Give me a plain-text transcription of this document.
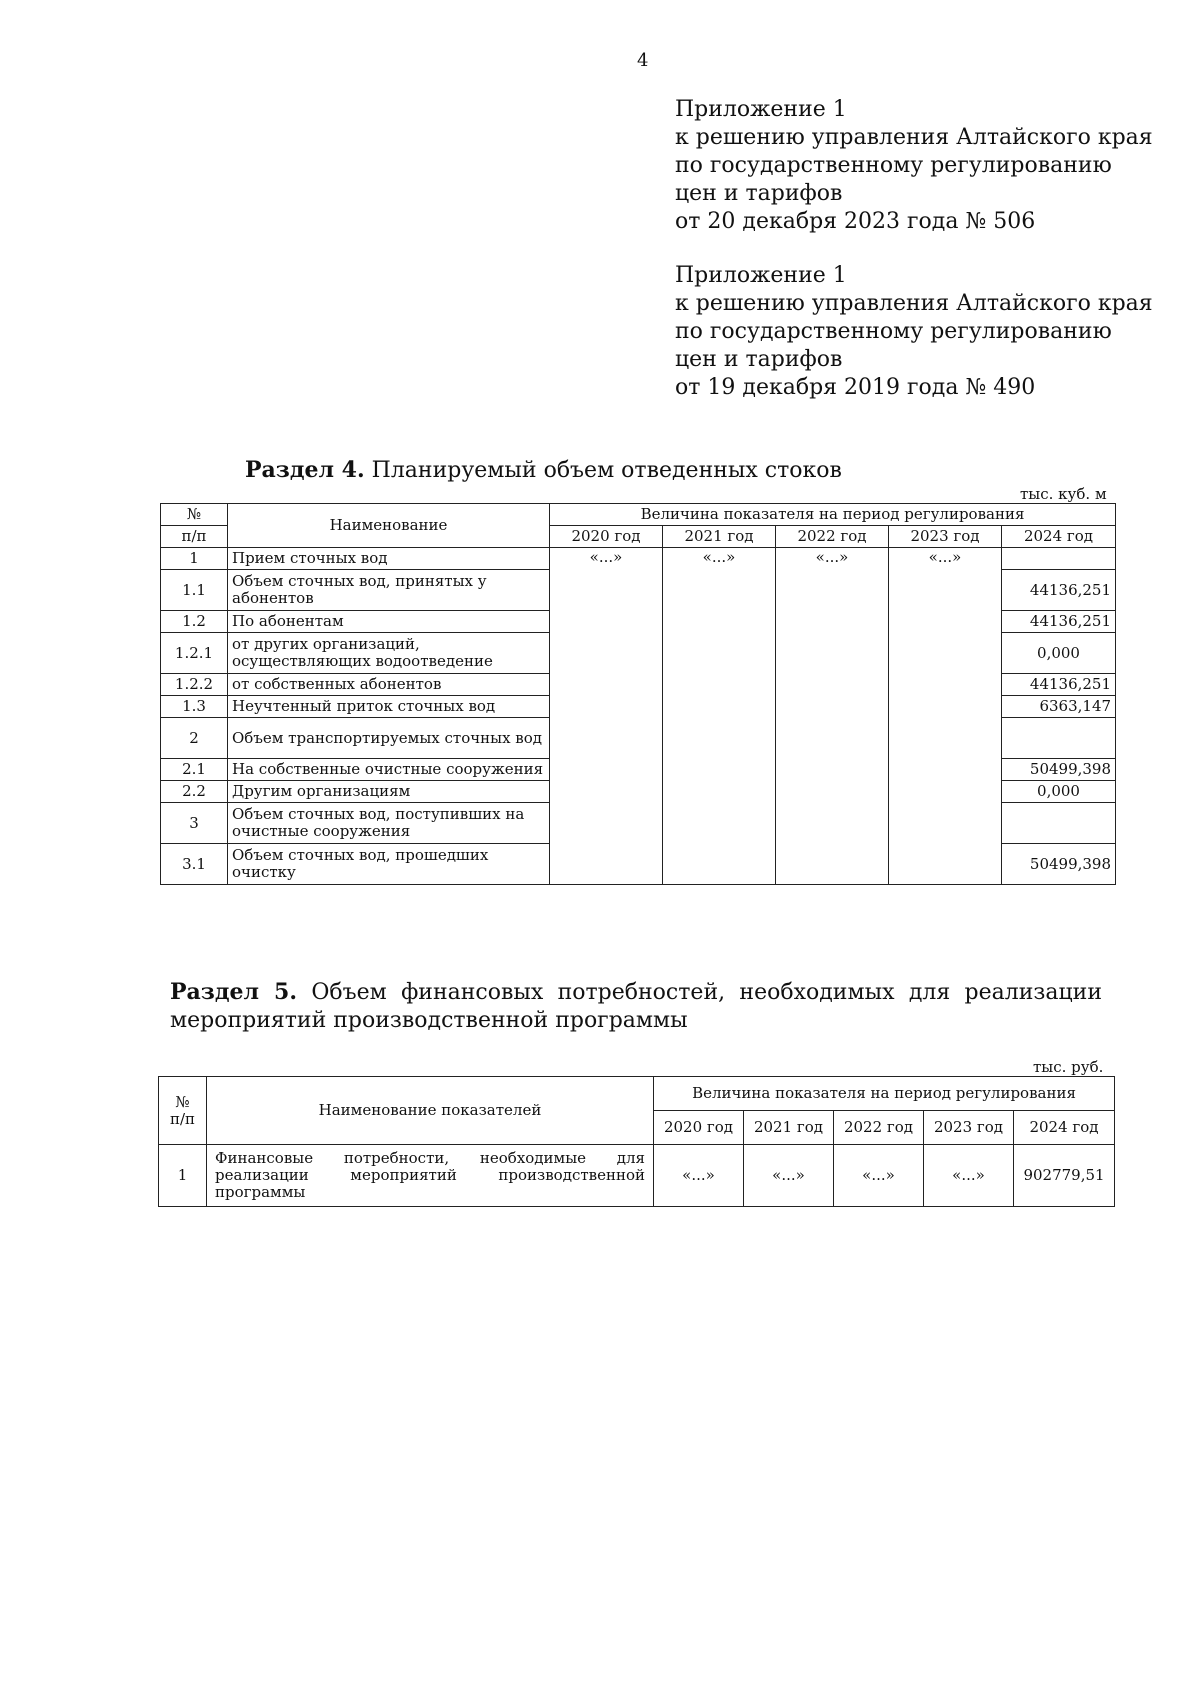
4
Приложение 1
к решению управления Алтайского края
по государственному регулированию
цен и тарифов
от 20 декабря 2023 года № 506
Приложение 1
к решению управления Алтайского края
по государственному регулированию
цен и тарифов
от 19 декабря 2019 года № 490
Раздел 4. Планируемый объем отведенных стоков
тыс. куб. м
№	Наименование	Величина показателя на период регулирования				
п/п		2020 год	2021 год	2022 год	2023 год	2024 год
1	Прием сточных вод	«...»	«...»	«...»	«...»	
1.1	Объем сточных вод, принятых у абонентов					44136,251
1.2	По абонентам					44136,251
1.2.1	от других организаций, осуществляющих водоотведение					0,000
1.2.2	от собственных абонентов					44136,251
1.3	Неучтенный приток сточных вод					6363,147
2	Объем транспортируемых сточных вод					
2.1	На собственные очистные сооружения					50499,398
2.2	Другим организациям					0,000
3	Объем сточных вод, поступивших на очистные сооружения					
3.1	Объем сточных вод, прошедших очистку					50499,398
Раздел 5. Объем финансовых потребностей, необходимых для реализации мероприятий производственной программы
тыс. руб.
№
п/п	Наименование показателей	Величина показателя на период регулирования				
		2020 год	2021 год	2022 год	2023 год	2024 год
1	Финансовые потребности, необходимые для
реализации мероприятий производственной
программы	«...»	«...»	«...»	«...»	902779,51
